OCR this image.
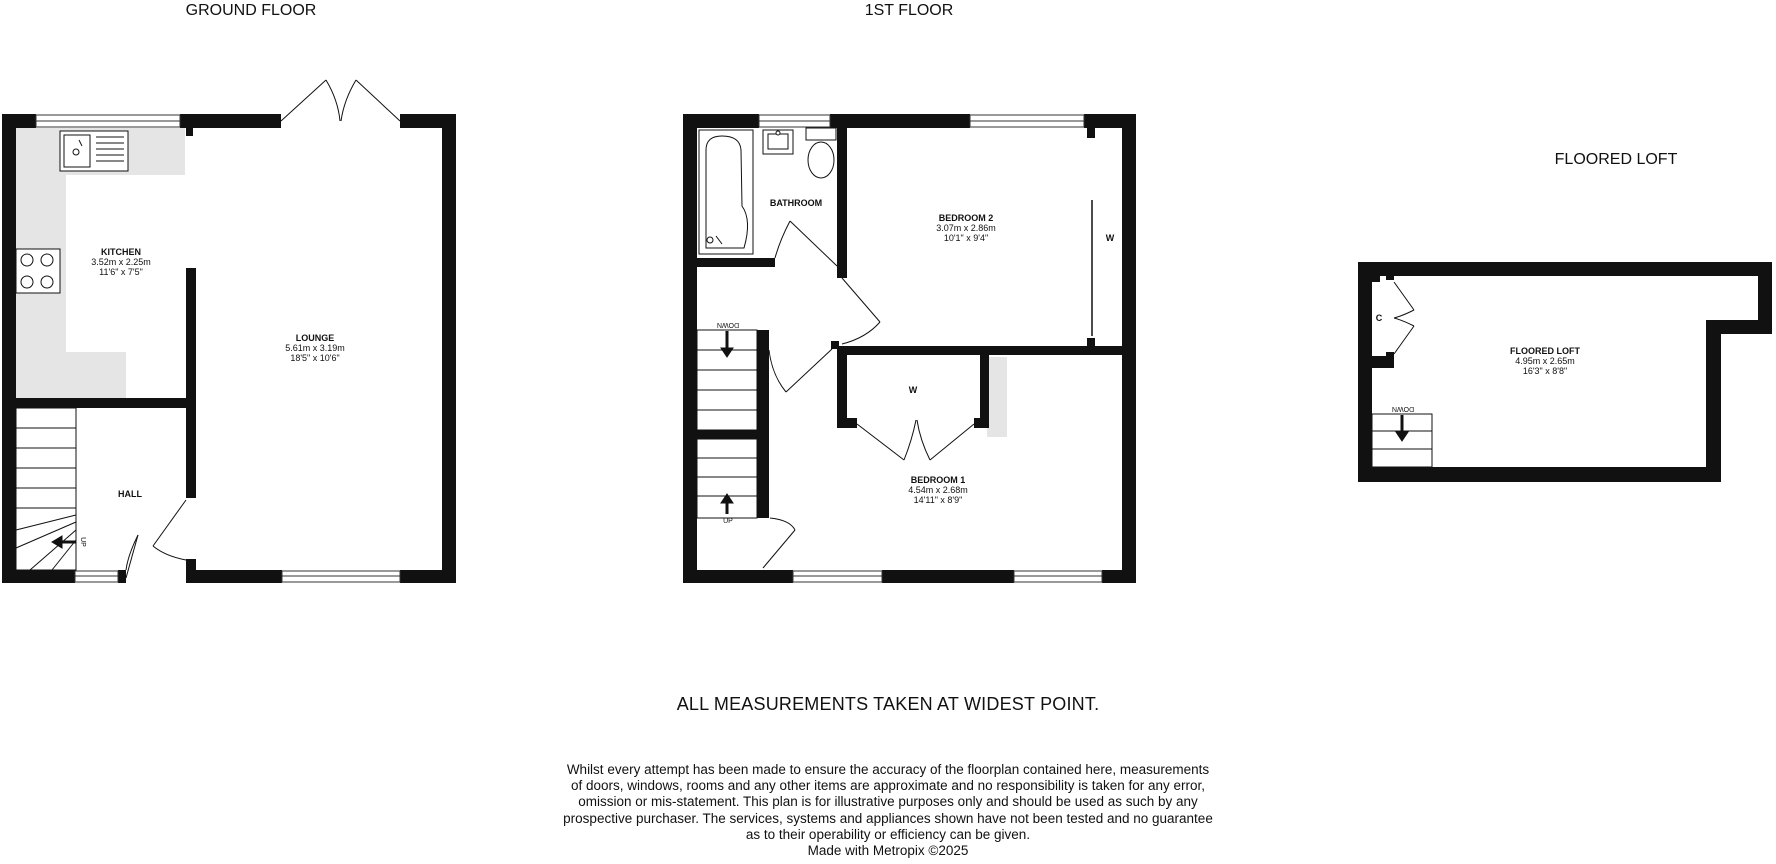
GROUND FLOOR
UP
KITCHEN
3.52m x 2.25m
11'6" x 7'5"
LOUNGE
5.61m x 3.19m
18'5" x 10'6"
HALL
1ST FLOOR
DOWN
UP
BATHROOM
BEDROOM 2
3.07m x 2.86m
10'1" x 9'4"	W
W
BEDROOM 1
4.54m x 2.68m
14'11" x 8'9"
FLOORED LOFT
DOWN
C
FLOORED LOFT
4.95m x 2.65m
16'3" x 8'8"
ALL MEASUREMENTS TAKEN AT WIDEST POINT.
Whilst every attempt has been made to ensure the accuracy of the floorplan contained here, measurements
of doors, windows, rooms and any other items are approximate and no responsibility is taken for any error,
omission or mis-statement. This plan is for illustrative purposes only and should be used as such by any
prospective purchaser. The services, systems and appliances shown have not been tested and no guarantee
as to their operability or efficiency can be given.
Made with Metropix ©2025
